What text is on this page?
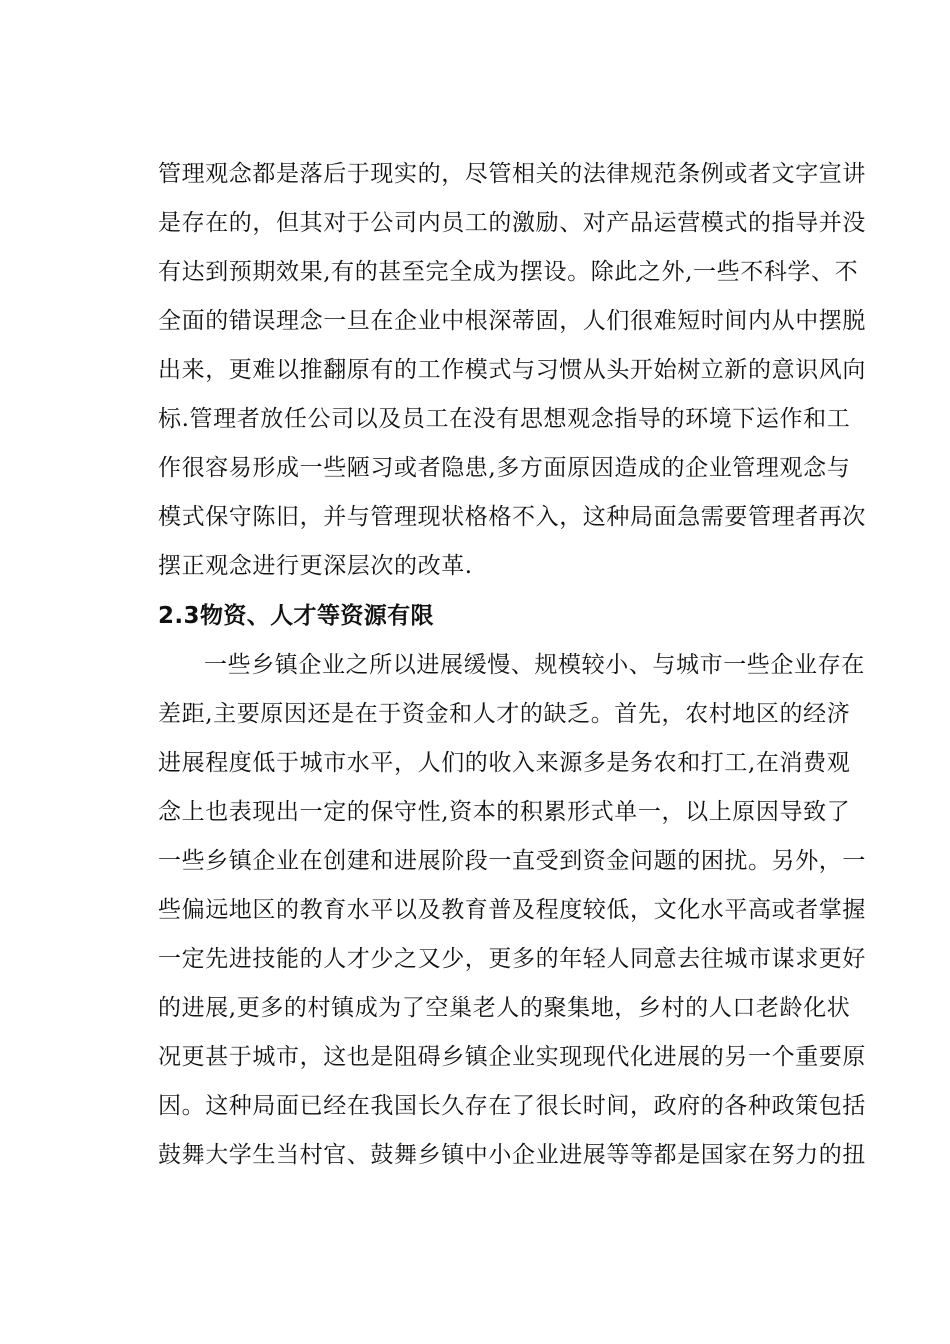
管理观念都是落后于现实的，尽管相关的法律规范条例或者文字宣讲
是存在的，但其对于公司内员工的激励、对产品运营模式的指导并没
有达到预期效果,有的甚至完全成为摆设。除此之外,一些不科学、不
全面的错误理念一旦在企业中根深蒂固，人们很难短时间内从中摆脱
出来，更难以推翻原有的工作模式与习惯从头开始树立新的意识风向
标.管理者放任公司以及员工在没有思想观念指导的环境下运作和工
作很容易形成一些陋习或者隐患,多方面原因造成的企业管理观念与
模式保守陈旧，并与管理现状格格不入，这种局面急需要管理者再次
摆正观念进行更深层次的改革.
2.3物资、人才等资源有限
一些乡镇企业之所以进展缓慢、规模较小、与城市一些企业存在
差距,主要原因还是在于资金和人才的缺乏。首先，农村地区的经济
进展程度低于城市水平，人们的收入来源多是务农和打工,在消费观
念上也表现出一定的保守性,资本的积累形式单一，以上原因导致了
一些乡镇企业在创建和进展阶段一直受到资金问题的困扰。另外，一
些偏远地区的教育水平以及教育普及程度较低，文化水平高或者掌握
一定先进技能的人才少之又少，更多的年轻人同意去往城市谋求更好
的进展,更多的村镇成为了空巢老人的聚集地，乡村的人口老龄化状
况更甚于城市，这也是阻碍乡镇企业实现现代化进展的另一个重要原
因。这种局面已经在我国长久存在了很长时间，政府的各种政策包括
鼓舞大学生当村官、鼓舞乡镇中小企业进展等等都是国家在努力的扭
